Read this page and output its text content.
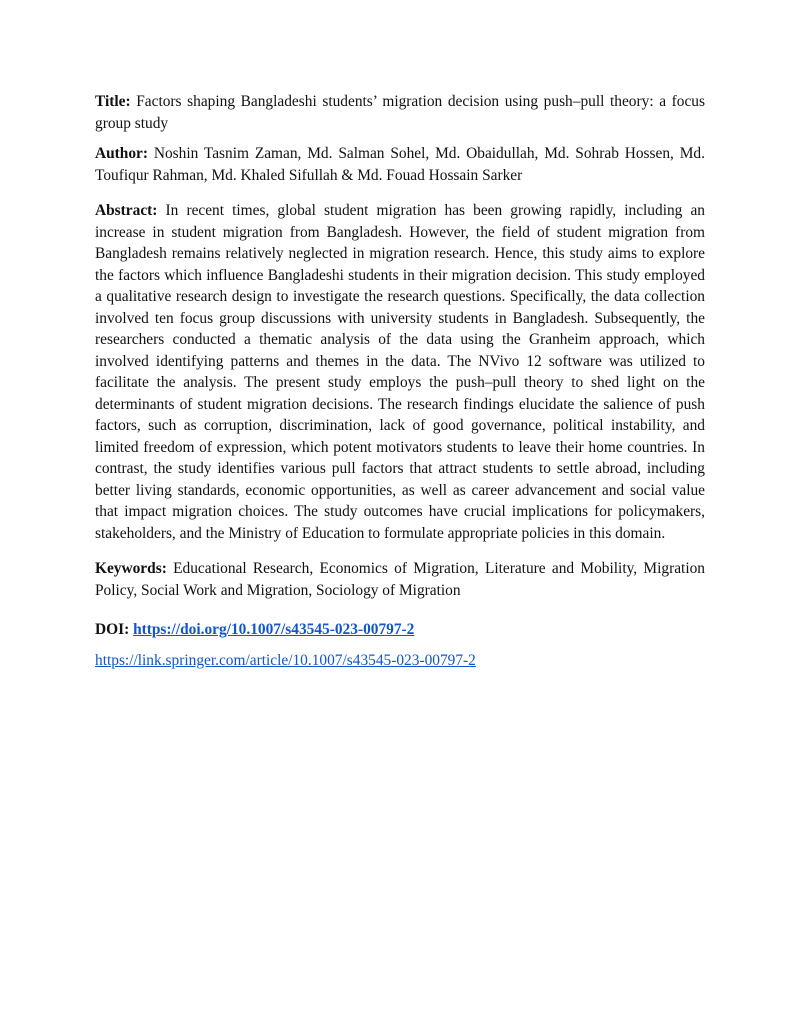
Title: Factors shaping Bangladeshi students’ migration decision using push–pull theory: a focus group study

Author: Noshin Tasnim Zaman, Md. Salman Sohel, Md. Obaidullah, Md. Sohrab Hossen, Md. Toufiqur Rahman, Md. Khaled Sifullah & Md. Fouad Hossain Sarker

Abstract: In recent times, global student migration has been growing rapidly, including an increase in student migration from Bangladesh. However, the field of student migration from Bangladesh remains relatively neglected in migration research. Hence, this study aims to explore the factors which influence Bangladeshi students in their migration decision. This study employed a qualitative research design to investigate the research questions. Specifically, the data collection involved ten focus group discussions with university students in Bangladesh. Subsequently, the researchers conducted a thematic analysis of the data using the Granheim approach, which involved identifying patterns and themes in the data. The NVivo 12 software was utilized to facilitate the analysis. The present study employs the push–pull theory to shed light on the determinants of student migration decisions. The research findings elucidate the salience of push factors, such as corruption, discrimination, lack of good governance, political instability, and limited freedom of expression, which potent motivators students to leave their home countries. In contrast, the study identifies various pull factors that attract students to settle abroad, including better living standards, economic opportunities, as well as career advancement and social value that impact migration choices. The study outcomes have crucial implications for policymakers, stakeholders, and the Ministry of Education to formulate appropriate policies in this domain.

Keywords: Educational Research, Economics of Migration, Literature and Mobility, Migration Policy, Social Work and Migration, Sociology of Migration

DOI: https://doi.org/10.1007/s43545-023-00797-2

https://link.springer.com/article/10.1007/s43545-023-00797-2
